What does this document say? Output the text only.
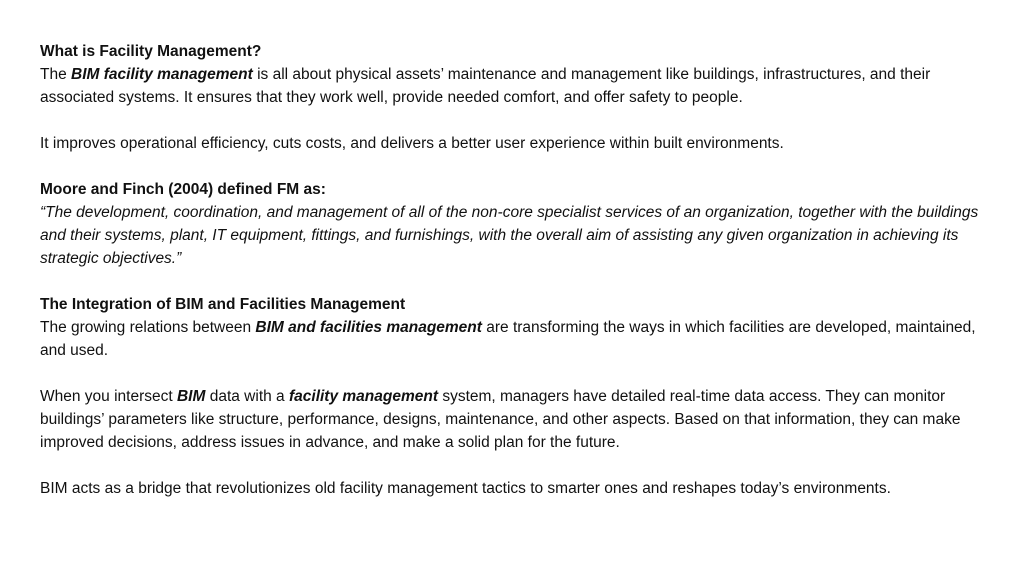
What is Facility Management?

The BIM facility management is all about physical assets’ maintenance and management like buildings, infrastructures, and their associated systems. It ensures that they work well, provide needed comfort, and offer safety to people.

It improves operational efficiency, cuts costs, and delivers a better user experience within built environments.

Moore and Finch (2004) defined FM as:

“The development, coordination, and management of all of the non-core specialist services of an organization, together with the buildings and their systems, plant, IT equipment, fittings, and furnishings, with the overall aim of assisting any given organization in achieving its strategic objectives.”

The Integration of BIM and Facilities Management

The growing relations between BIM and facilities management are transforming the ways in which facilities are developed, maintained, and used.

When you intersect BIM data with a facility management system, managers have detailed real-time data access. They can monitor buildings’ parameters like structure, performance, designs, maintenance, and other aspects. Based on that information, they can make improved decisions, address issues in advance, and make a solid plan for the future.

BIM acts as a bridge that revolutionizes old facility management tactics to smarter ones and reshapes today’s environments.
